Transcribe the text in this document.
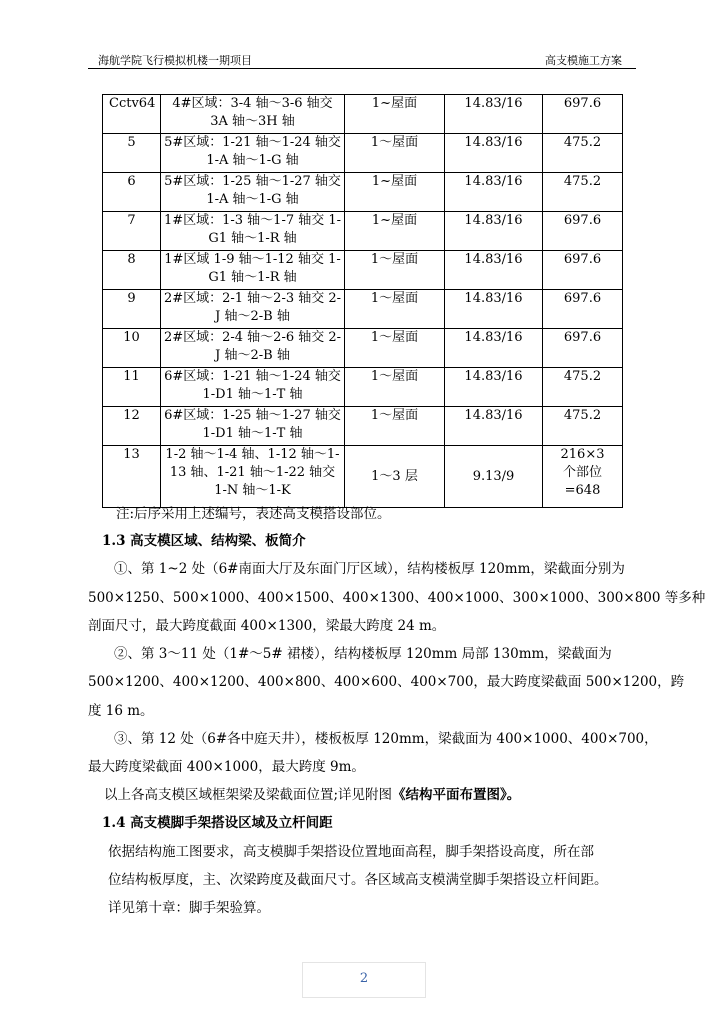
海航学院飞行模拟机楼一期项目	高支模施工方案
Cctv64	4#区域：3-4 轴～3-6 轴交 3A 轴～3H 轴	1~屋面	14.83/16	697.6
5	5#区域：1-21 轴～1-24 轴交 1-A 轴～1-G 轴	1～屋面	14.83/16	475.2
6	5#区域：1-25 轴～1-27 轴交 1-A 轴～1-G 轴	1~屋面	14.83/16	475.2
7	1#区域：1-3 轴～1-7 轴交 1-G1 轴～1-R 轴	1~屋面	14.83/16	697.6
8	1#区域 1-9 轴～1-12 轴交 1-G1 轴～1-R 轴	1～屋面	14.83/16	697.6
9	2#区域：2-1 轴～2-3 轴交 2-J 轴～2-B 轴	1～屋面	14.83/16	697.6
10	2#区域：2-4 轴～2-6 轴交 2-J 轴～2-B 轴	1～屋面	14.83/16	697.6
11	6#区域：1-21 轴～1-24 轴交 1-D1 轴～1-T 轴	1～屋面	14.83/16	475.2
12	6#区域：1-25 轴～1-27 轴交 1-D1 轴～1-T 轴	1～屋面	14.83/16	475.2
13	1-2 轴～1-4 轴、1-12 轴～1-13 轴、1-21 轴～1-22 轴交 1-N 轴～1-K	1～3 层	9.13/9	216×3 个部位=648
注:后序采用上述编号，表述高支模搭设部位。
1.3 高支模区域、结构梁、板简介
①、第 1~2 处（6#南面大厅及东面门厅区域），结构楼板厚 120mm，梁截面分别为
500×1250、500×1000、400×1500、400×1300、400×1000、300×1000、300×800 等多种
剖面尺寸，最大跨度截面 400×1300，梁最大跨度 24 m。
②、第 3～11 处（1#～5# 裙楼），结构楼板厚 120mm 局部 130mm，梁截面为
500×1200、400×1200、400×800、400×600、400×700，最大跨度梁截面 500×1200，跨
度 16 m。
③、第 12 处（6#各中庭天井），楼板板厚 120mm，梁截面为 400×1000、400×700，
最大跨度梁截面 400×1000，最大跨度 9m。
以上各高支模区域框架梁及梁截面位置;详见附图《结构平面布置图》。
1.4 高支模脚手架搭设区域及立杆间距
依据结构施工图要求，高支模脚手架搭设位置地面高程，脚手架搭设高度，所在部
位结构板厚度，主、次梁跨度及截面尺寸。各区域高支模满堂脚手架搭设立杆间距。
详见第十章：脚手架验算。
2
